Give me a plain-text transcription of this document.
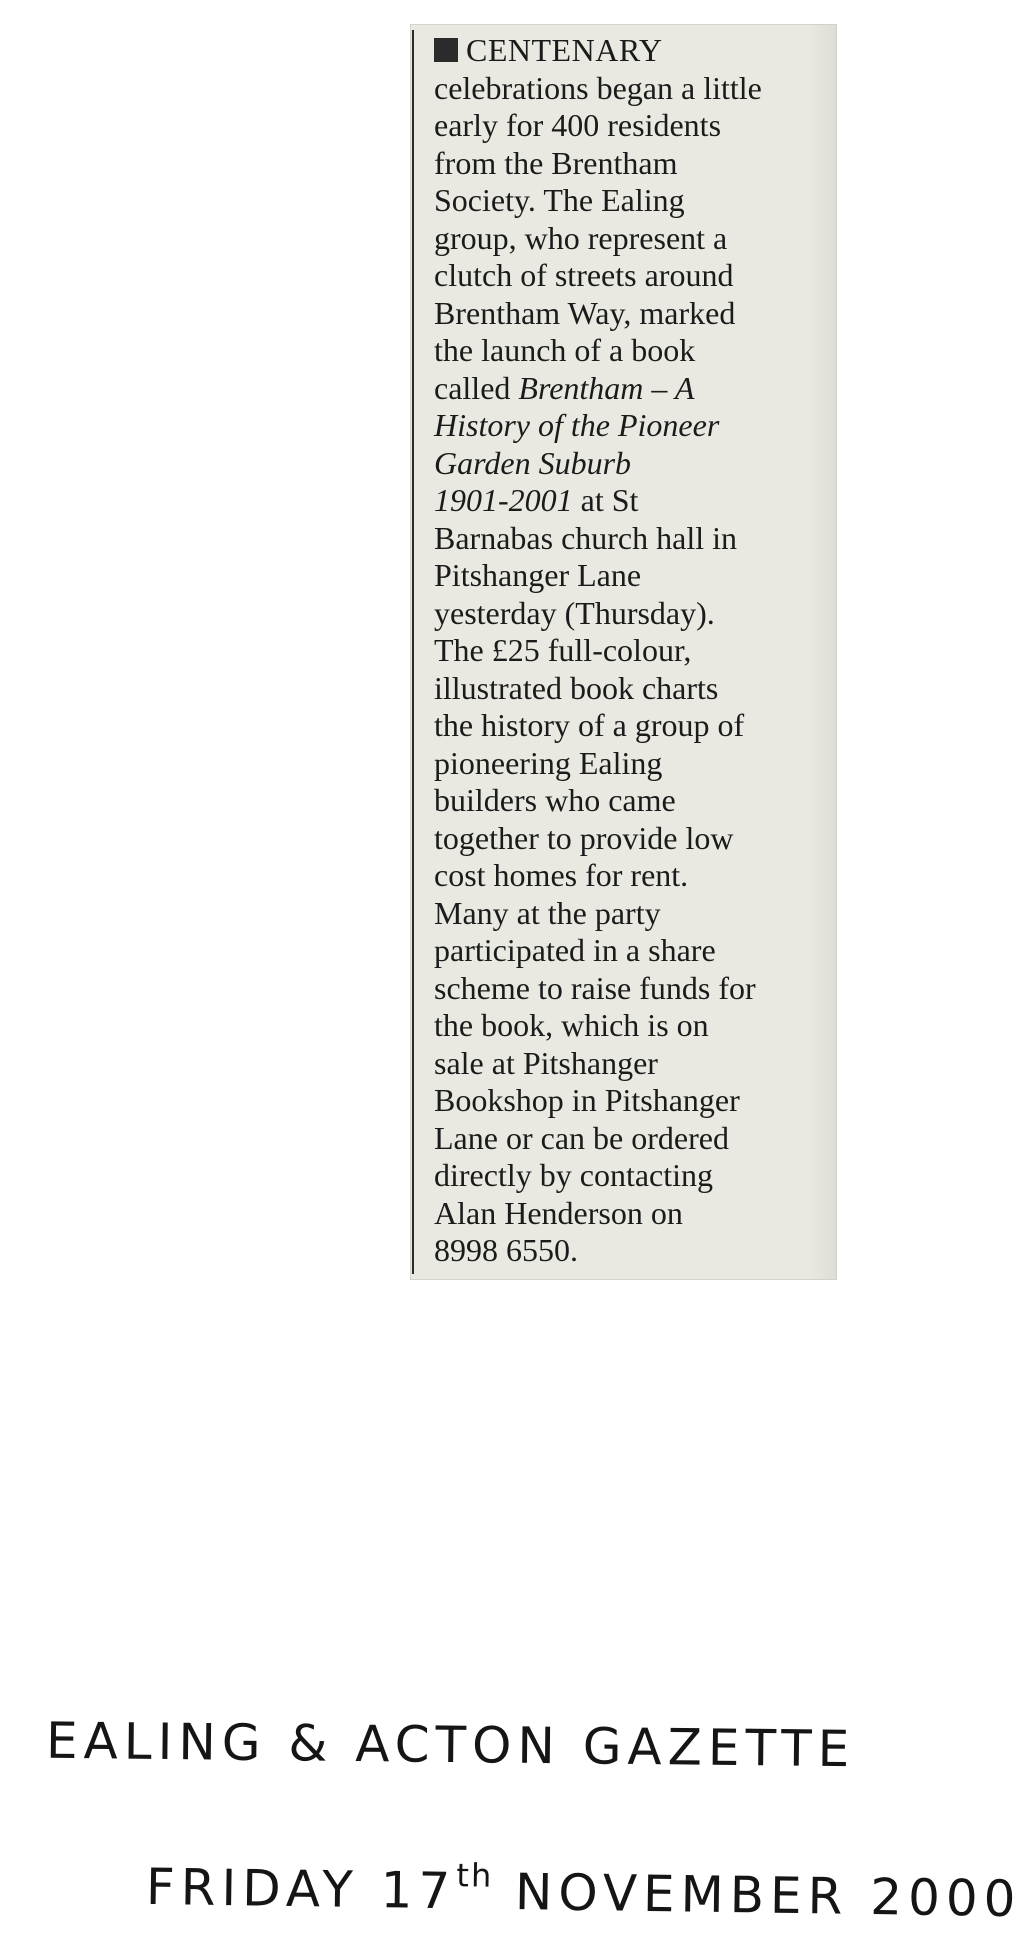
CENTENARY
celebrations began a little
early for 400 residents
from the Brentham
Society. The Ealing
group, who represent a
clutch of streets around
Brentham Way, marked
the launch of a book
called Brentham – A
History of the Pioneer
Garden Suburb
1901-2001 at St
Barnabas church hall in
Pitshanger Lane
yesterday (Thursday).
The £25 full-colour,
illustrated book charts
the history of a group of
pioneering Ealing
builders who came
together to provide low
cost homes for rent.
Many at the party
participated in a share
scheme to raise funds for
the book, which is on
sale at Pitshanger
Bookshop in Pitshanger
Lane or can be ordered
directly by contacting
Alan Henderson on
8998 6550.
EALING & ACTON GAZETTE
FRIDAY 17th NOVEMBER 2000
